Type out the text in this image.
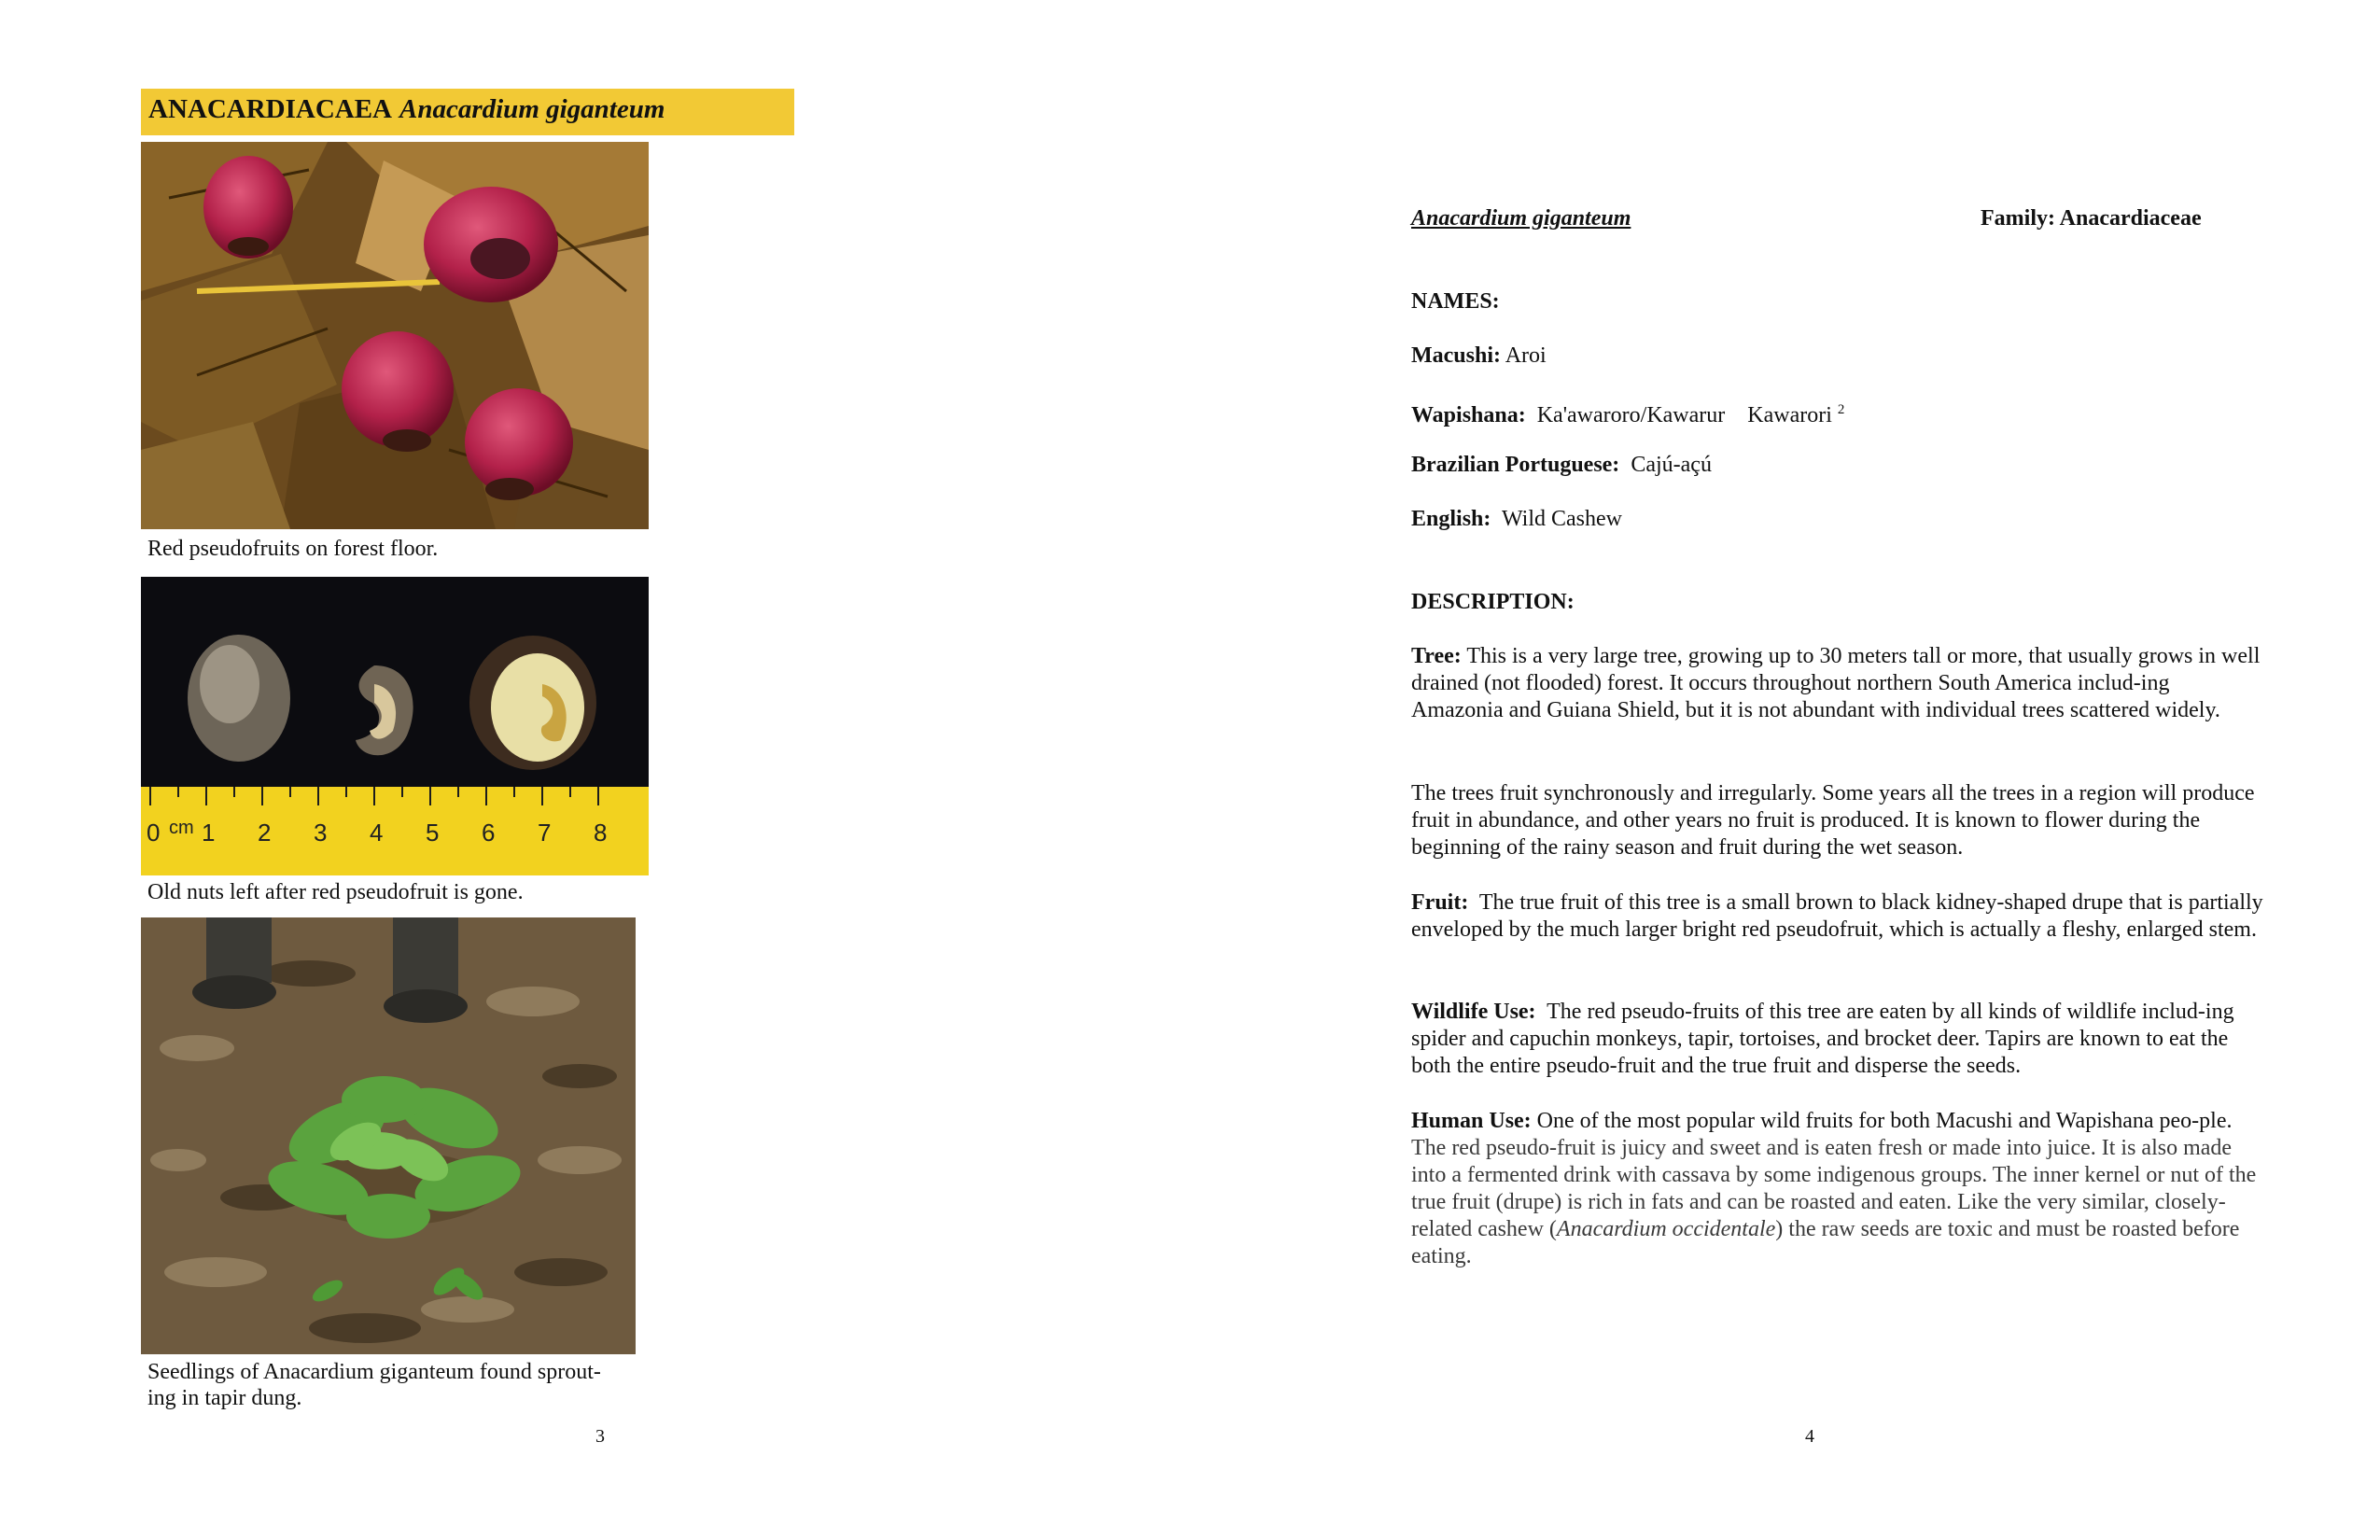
ANACARDIACAEA Anacardium giganteum
Red pseudofruits on forest floor.
0 cm 1 2 3 4 5 6 7 8
Old nuts left after red pseudofruit is gone.
Seedlings of Anacardium giganteum found sprout-
ing in tapir dung.
3
Anacardium giganteum	Family: Anacardiaceae
NAMES:
Macushi: Aroi
Wapishana: Ka'awaroro/Kawarur    Kawarori $^2$
Brazilian Portuguese: Cajú-açú
English: Wild Cashew
DESCRIPTION:
Tree: This is a very large tree, growing up to 30 meters tall or more, that usually grows in well drained (not flooded) forest. It occurs throughout northern South America includ-ing Amazonia and Guiana Shield, but it is not abundant with individual trees scattered widely.
The trees fruit synchronously and irregularly. Some years all the trees in a region will produce fruit in abundance, and other years no fruit is produced. It is known to flower during the beginning of the rainy season and fruit during the wet season.
Fruit: The true fruit of this tree is a small brown to black kidney-shaped drupe that is partially enveloped by the much larger bright red pseudofruit, which is actually a fleshy, enlarged stem.
Wildlife Use: The red pseudo-fruits of this tree are eaten by all kinds of wildlife includ-ing spider and capuchin monkeys, tapir, tortoises, and brocket deer. Tapirs are known to eat the both the entire pseudo-fruit and the true fruit and disperse the seeds.
Human Use: One of the most popular wild fruits for both Macushi and Wapishana peo-ple. The red pseudo-fruit is juicy and sweet and is eaten fresh or made into juice. It is also made into a fermented drink with cassava by some indigenous groups. The inner kernel or nut of the true fruit (drupe) is rich in fats and can be roasted and eaten. Like the very similar, closely-related cashew (Anacardium occidentale) the raw seeds are toxic and must be roasted before eating.
4
